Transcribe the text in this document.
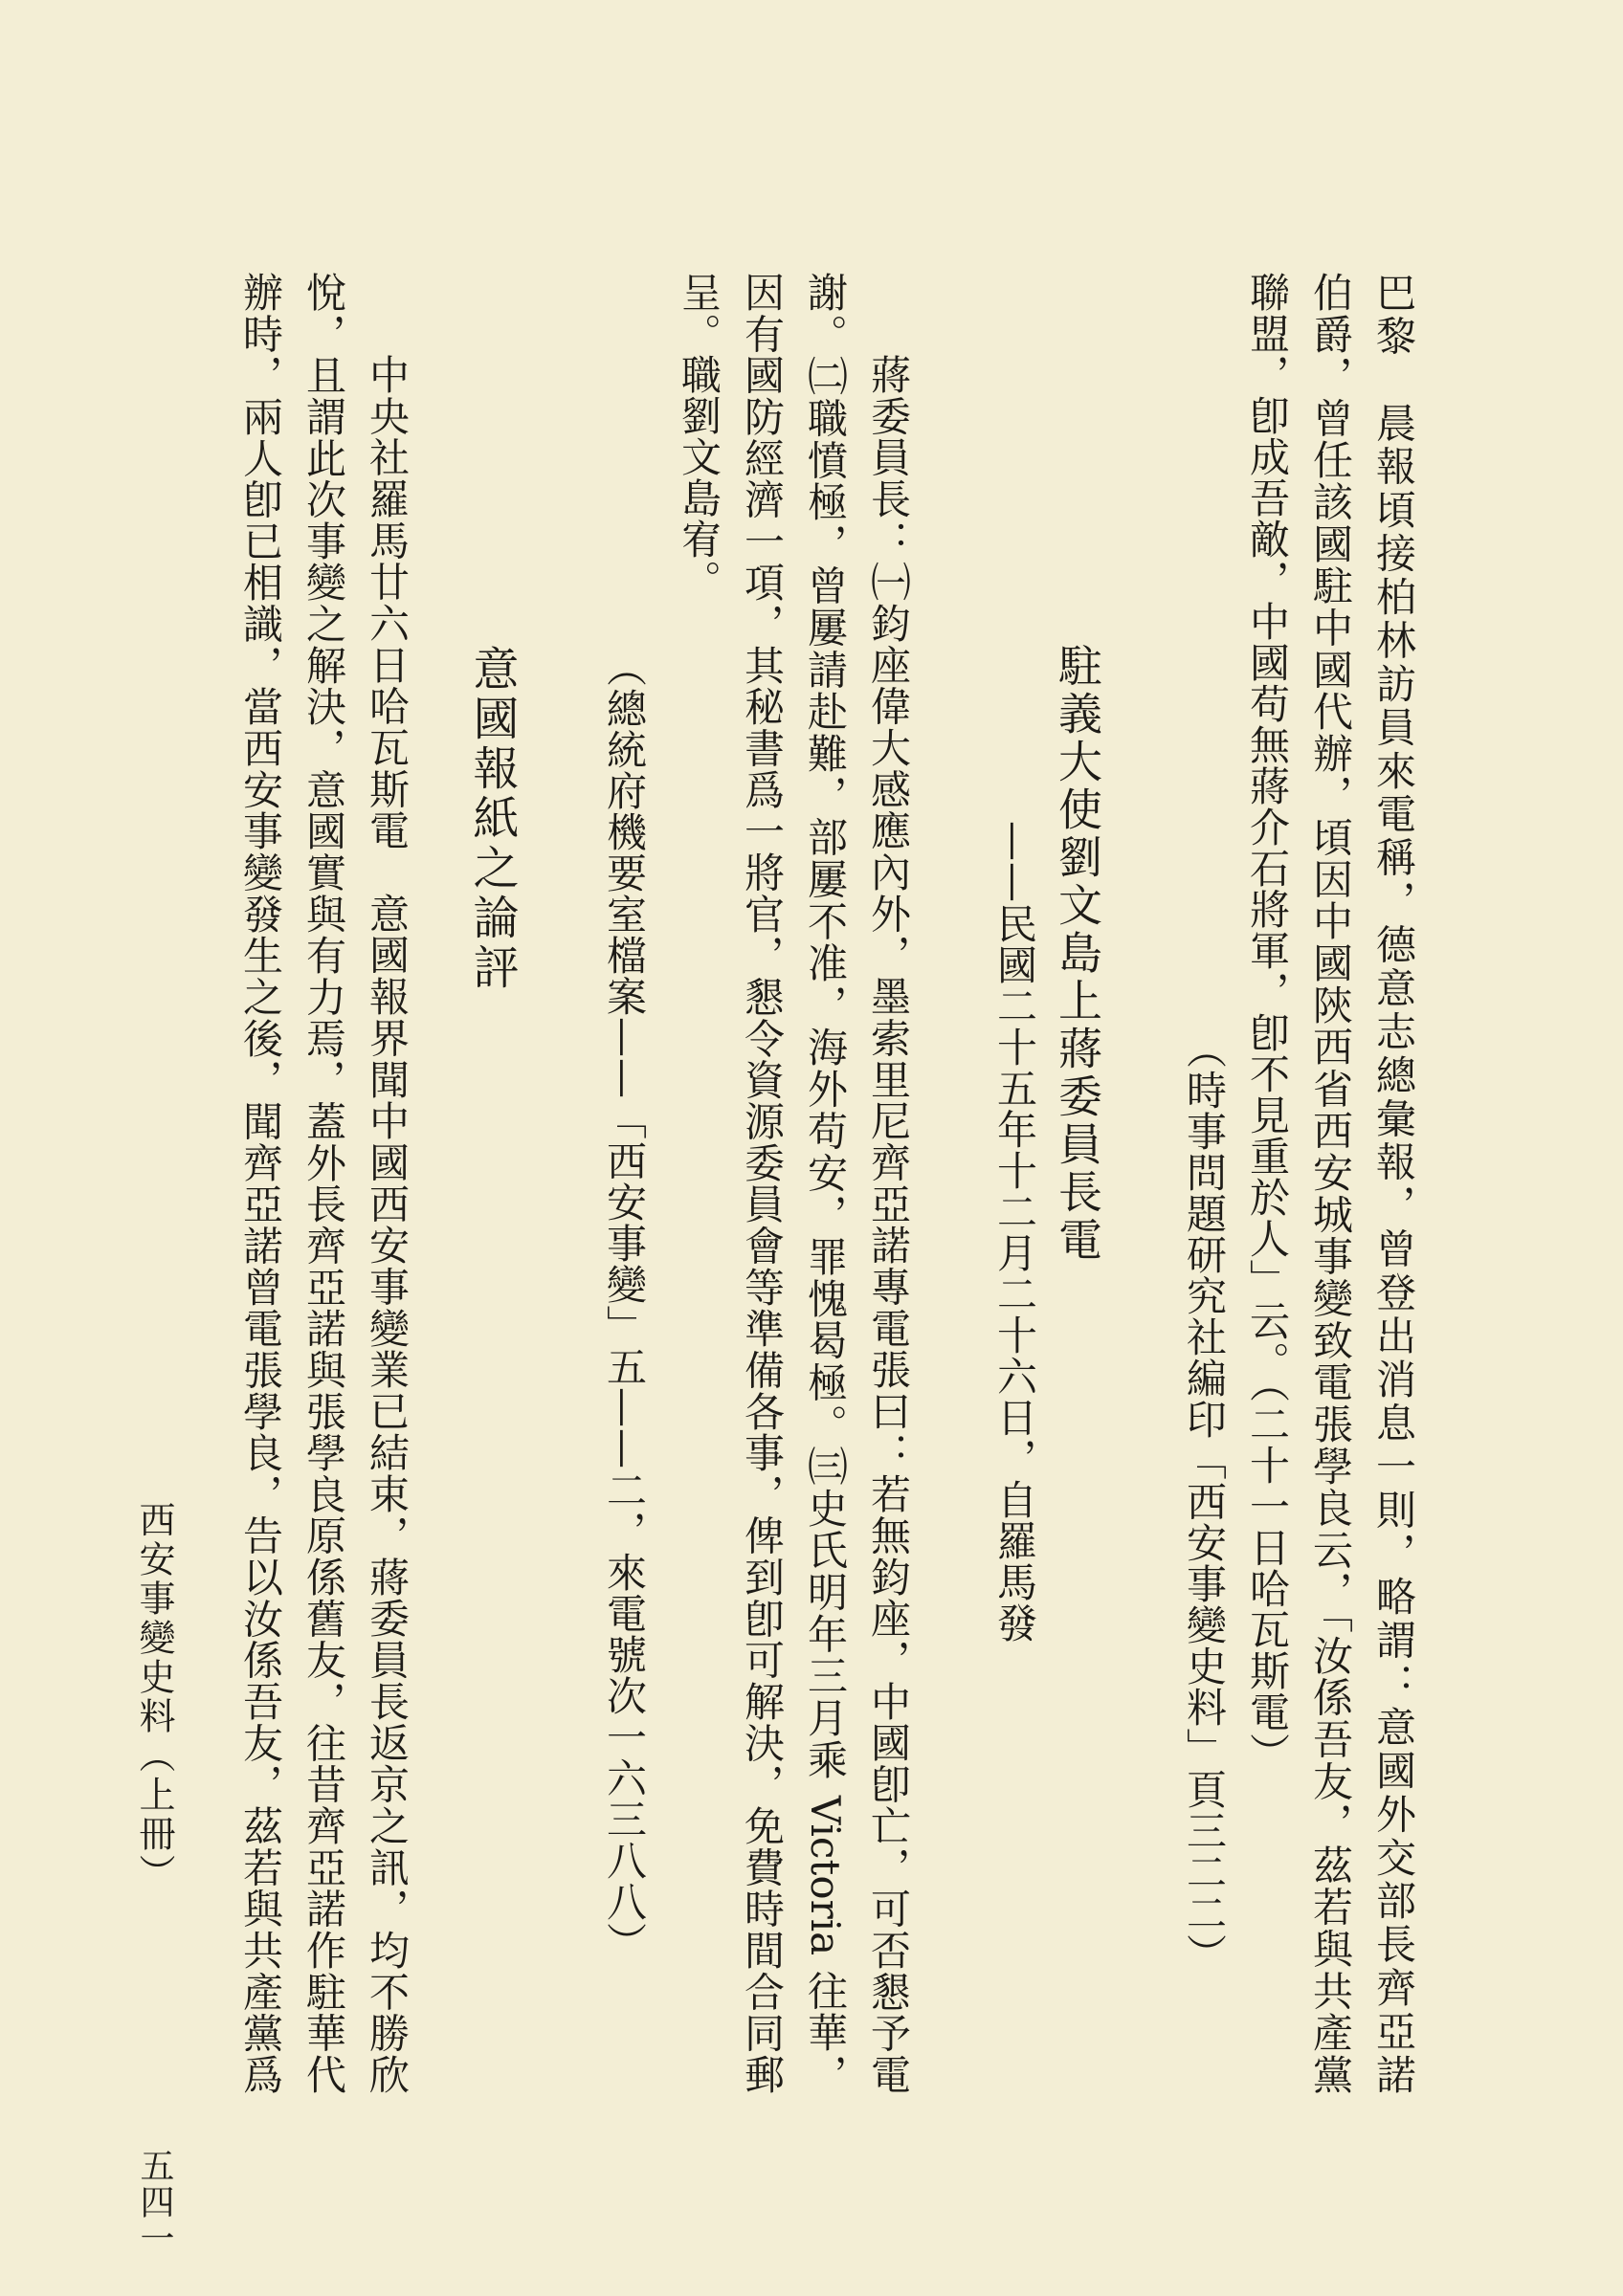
巴黎　晨報頃接柏林訪員來電稱，德意志總彙報，曾登出消息一則，略謂：意國外交部長齊亞諾
伯爵，曾任該國駐中國代辦，頃因中國陝西省西安城事變致電張學良云，「汝係吾友，茲若與共產黨
聯盟，卽成吾敵，中國苟無蔣介石將軍，卽不見重於人」云。（二十一日哈瓦斯電）
（時事問題研究社編印「西安事變史料」頁三二二）
駐義大使劉文島上蔣委員長電
——民國二十五年十二月二十六日，自羅馬發
蔣委員長：㈠鈞座偉大感應內外，墨索里尼齊亞諾專電張曰：若無鈞座，中國卽亡，可否懇予電
謝。㈡職憤極，曾屢請赴難，部屢不准，海外苟安，罪愧曷極。㈢史氏明年三月乘 Victoria 往華，
因有國防經濟一項，其秘書爲一將官，懇令資源委員會等準備各事，俾到卽可解決，免費時間合同郵
呈。職劉文島宥。
（總統府機要室檔案——「西安事變」五——二，來電號次一六三八八）
意國報紙之論評
中央社羅馬廿六日哈瓦斯電　意國報界聞中國西安事變業已結束，蔣委員長返京之訊，均不勝欣
悅，且謂此次事變之解決，意國實與有力焉，蓋外長齊亞諾與張學良原係舊友，往昔齊亞諾作駐華代
辦時，兩人卽已相識，當西安事變發生之後，聞齊亞諾曾電張學良，告以汝係吾友，茲若與共產黨爲
西安事變史料（上冊）
五四一
